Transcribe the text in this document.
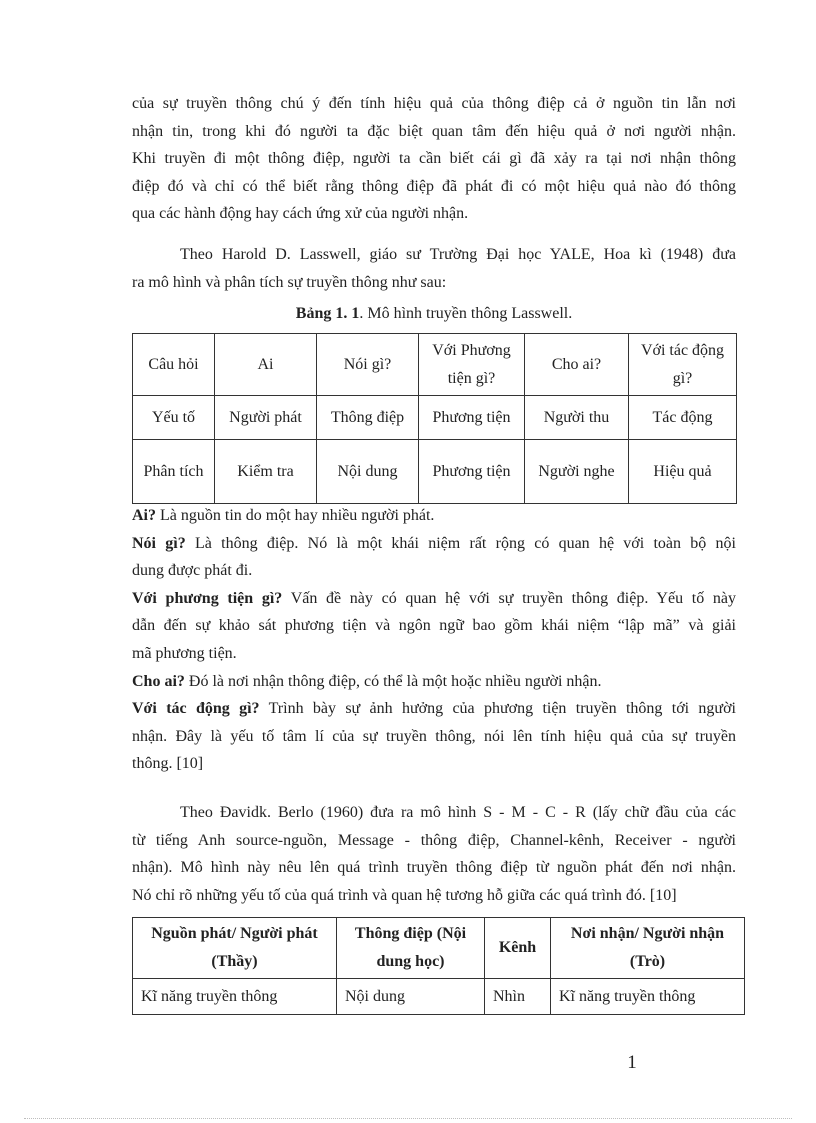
của sự truyền thông chú ý đến tính hiệu quả của thông điệp cả ở nguồn tin lẫn nơi
nhận tin, trong khi đó người ta đặc biệt quan tâm đến hiệu quả ở nơi người nhận.
Khi truyền đi một thông điệp, người ta cần biết cái gì đã xảy ra tại nơi nhận thông
điệp đó và chỉ có thể biết rằng thông điệp đã phát đi có một hiệu quả nào đó thông
qua các hành động hay cách ứng xử của người nhận.
Theo Harold D. Lasswell, giáo sư Trường Đại học YALE, Hoa kì (1948) đưa
ra mô hình và phân tích sự truyền thông như sau:
Bảng 1. 1. Mô hình truyền thông Lasswell.
Câu hỏi	Ai	Nói gì?	Với Phương tiện gì?	Cho ai?	Với tác động gì?
Yếu tố	Người phát	Thông điệp	Phương tiện	Người thu	Tác động
Phân tích	Kiểm tra	Nội dung	Phương tiện	Người nghe	Hiệu quả
Ai? Là nguồn tin do một hay nhiều người phát.
Nói gì? Là thông điệp. Nó là một khái niệm rất rộng có quan hệ với toàn bộ nội
dung được phát đi.
Với phương tiện gì? Vấn đề này có quan hệ với sự truyền thông điệp. Yếu tố này
dẫn đến sự khảo sát phương tiện và ngôn ngữ bao gồm khái niệm “lập mã” và giải
mã phương tiện.
Cho ai? Đó là nơi nhận thông điệp, có thể là một hoặc nhiều người nhận.
Với tác động gì? Trình bày sự ảnh hưởng của phương tiện truyền thông tới người
nhận. Đây là yếu tố tâm lí của sự truyền thông, nói lên tính hiệu quả của sự truyền
thông. [10]
Theo Đavidk. Berlo (1960) đưa ra mô hình S - M - C - R (lấy chữ đầu của các
từ tiếng Anh source-nguồn, Message - thông điệp, Channel-kênh, Receiver - người
nhận). Mô hình này nêu lên quá trình truyền thông điệp từ nguồn phát đến nơi nhận.
Nó chỉ rõ những yếu tố của quá trình và quan hệ tương hỗ giữa các quá trình đó. [10]
Nguồn phát/ Người phát (Thầy)	Thông điệp (Nội dung học)	Kênh	Nơi nhận/ Người nhận (Trò)
Kĩ năng truyền thông	Nội dung	Nhìn	Kĩ năng truyền thông
1
